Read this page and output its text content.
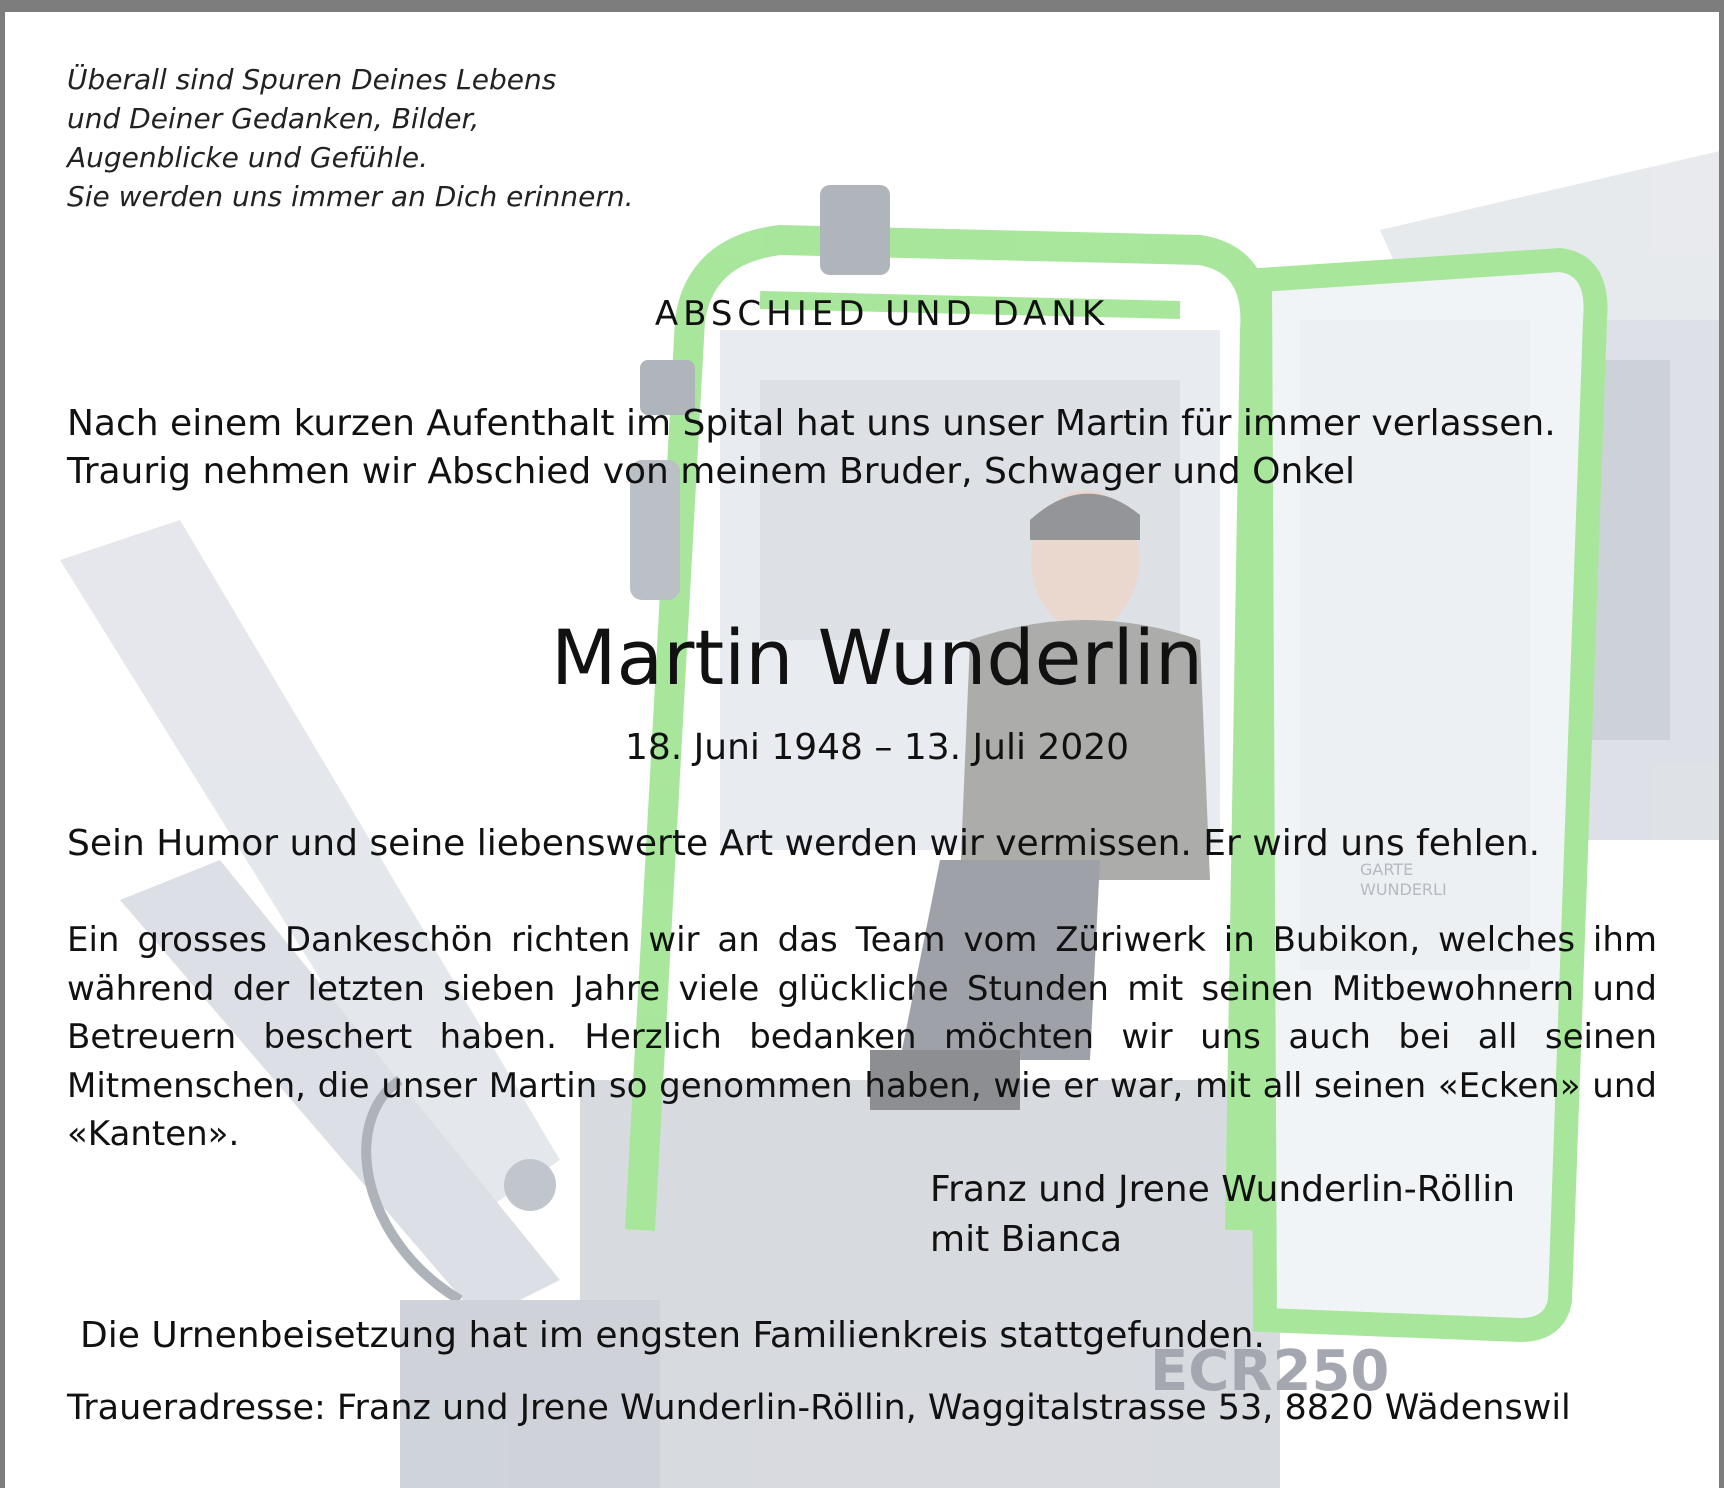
ECR250
GARTE
WUNDERLI
Überall sind Spuren Deines Lebens
und Deiner Gedanken, Bilder,
Augenblicke und Gefühle.
Sie werden uns immer an Dich erinnern.
ABSCHIED UND DANK
Nach einem kurzen Aufenthalt im Spital hat uns unser Martin für immer verlassen.
Traurig nehmen wir Abschied von meinem Bruder, Schwager und Onkel
Martin Wunderlin
18. Juni 1948 – 13. Juli 2020
Sein Humor und seine liebenswerte Art werden wir vermissen. Er wird uns fehlen.
Ein grosses Dankeschön richten wir an das Team vom Züriwerk in Bubikon, welches ihm während der letzten sieben Jahre viele glückliche Stunden mit seinen Mitbewohnern und Betreuern beschert haben. Herzlich bedanken möchten wir uns auch bei all seinen Mitmenschen, die unser Martin so genommen haben, wie er war, mit all seinen «Ecken» und «Kanten».
Franz und Jrene Wunderlin-Röllin
mit Bianca
Die Urnenbeisetzung hat im engsten Familienkreis stattgefunden.
Traueradresse: Franz und Jrene Wunderlin-Röllin, Waggitalstrasse 53, 8820 Wädenswil
